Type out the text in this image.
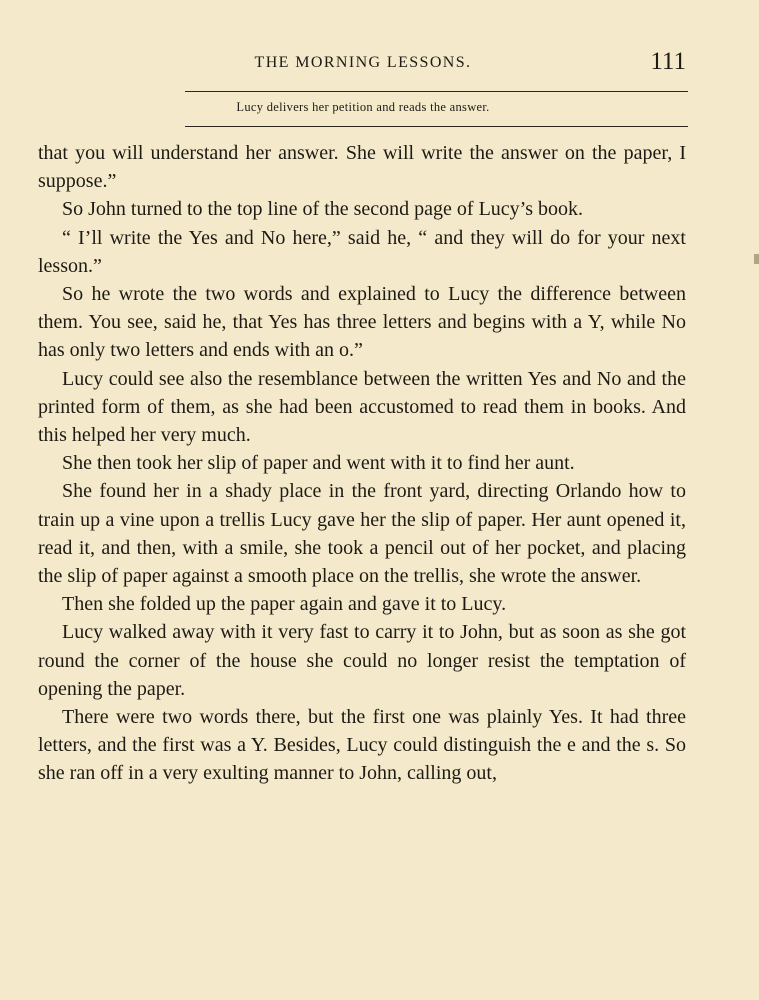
THE MORNING LESSONS.	111
Lucy delivers her petition and reads the answer.

that you will understand her answer. She will write the answer on the paper, I suppose.”

So John turned to the top line of the second page of Lucy’s book.

“ I’ll write the Yes and No here,” said he, “ and they will do for your next lesson.”

So he wrote the two words and explained to Lucy the difference between them. You see, said he, that Yes has three letters and begins with a Y, while No has only two letters and ends with an o.”

Lucy could see also the resemblance between the written Yes and No and the printed form of them, as she had been accustomed to read them in books. And this helped her very much.

She then took her slip of paper and went with it to find her aunt.

She found her in a shady place in the front yard, directing Orlando how to train up a vine upon a trellis Lucy gave her the slip of paper. Her aunt opened it, read it, and then, with a smile, she took a pencil out of her pocket, and placing the slip of paper against a smooth place on the trellis, she wrote the answer.

Then she folded up the paper again and gave it to Lucy.

Lucy walked away with it very fast to carry it to John, but as soon as she got round the corner of the house she could no longer resist the temptation of opening the paper.

There were two words there, but the first one was plainly Yes. It had three letters, and the first was a Y. Besides, Lucy could distinguish the e and the s. So she ran off in a very exulting manner to John, calling out,
